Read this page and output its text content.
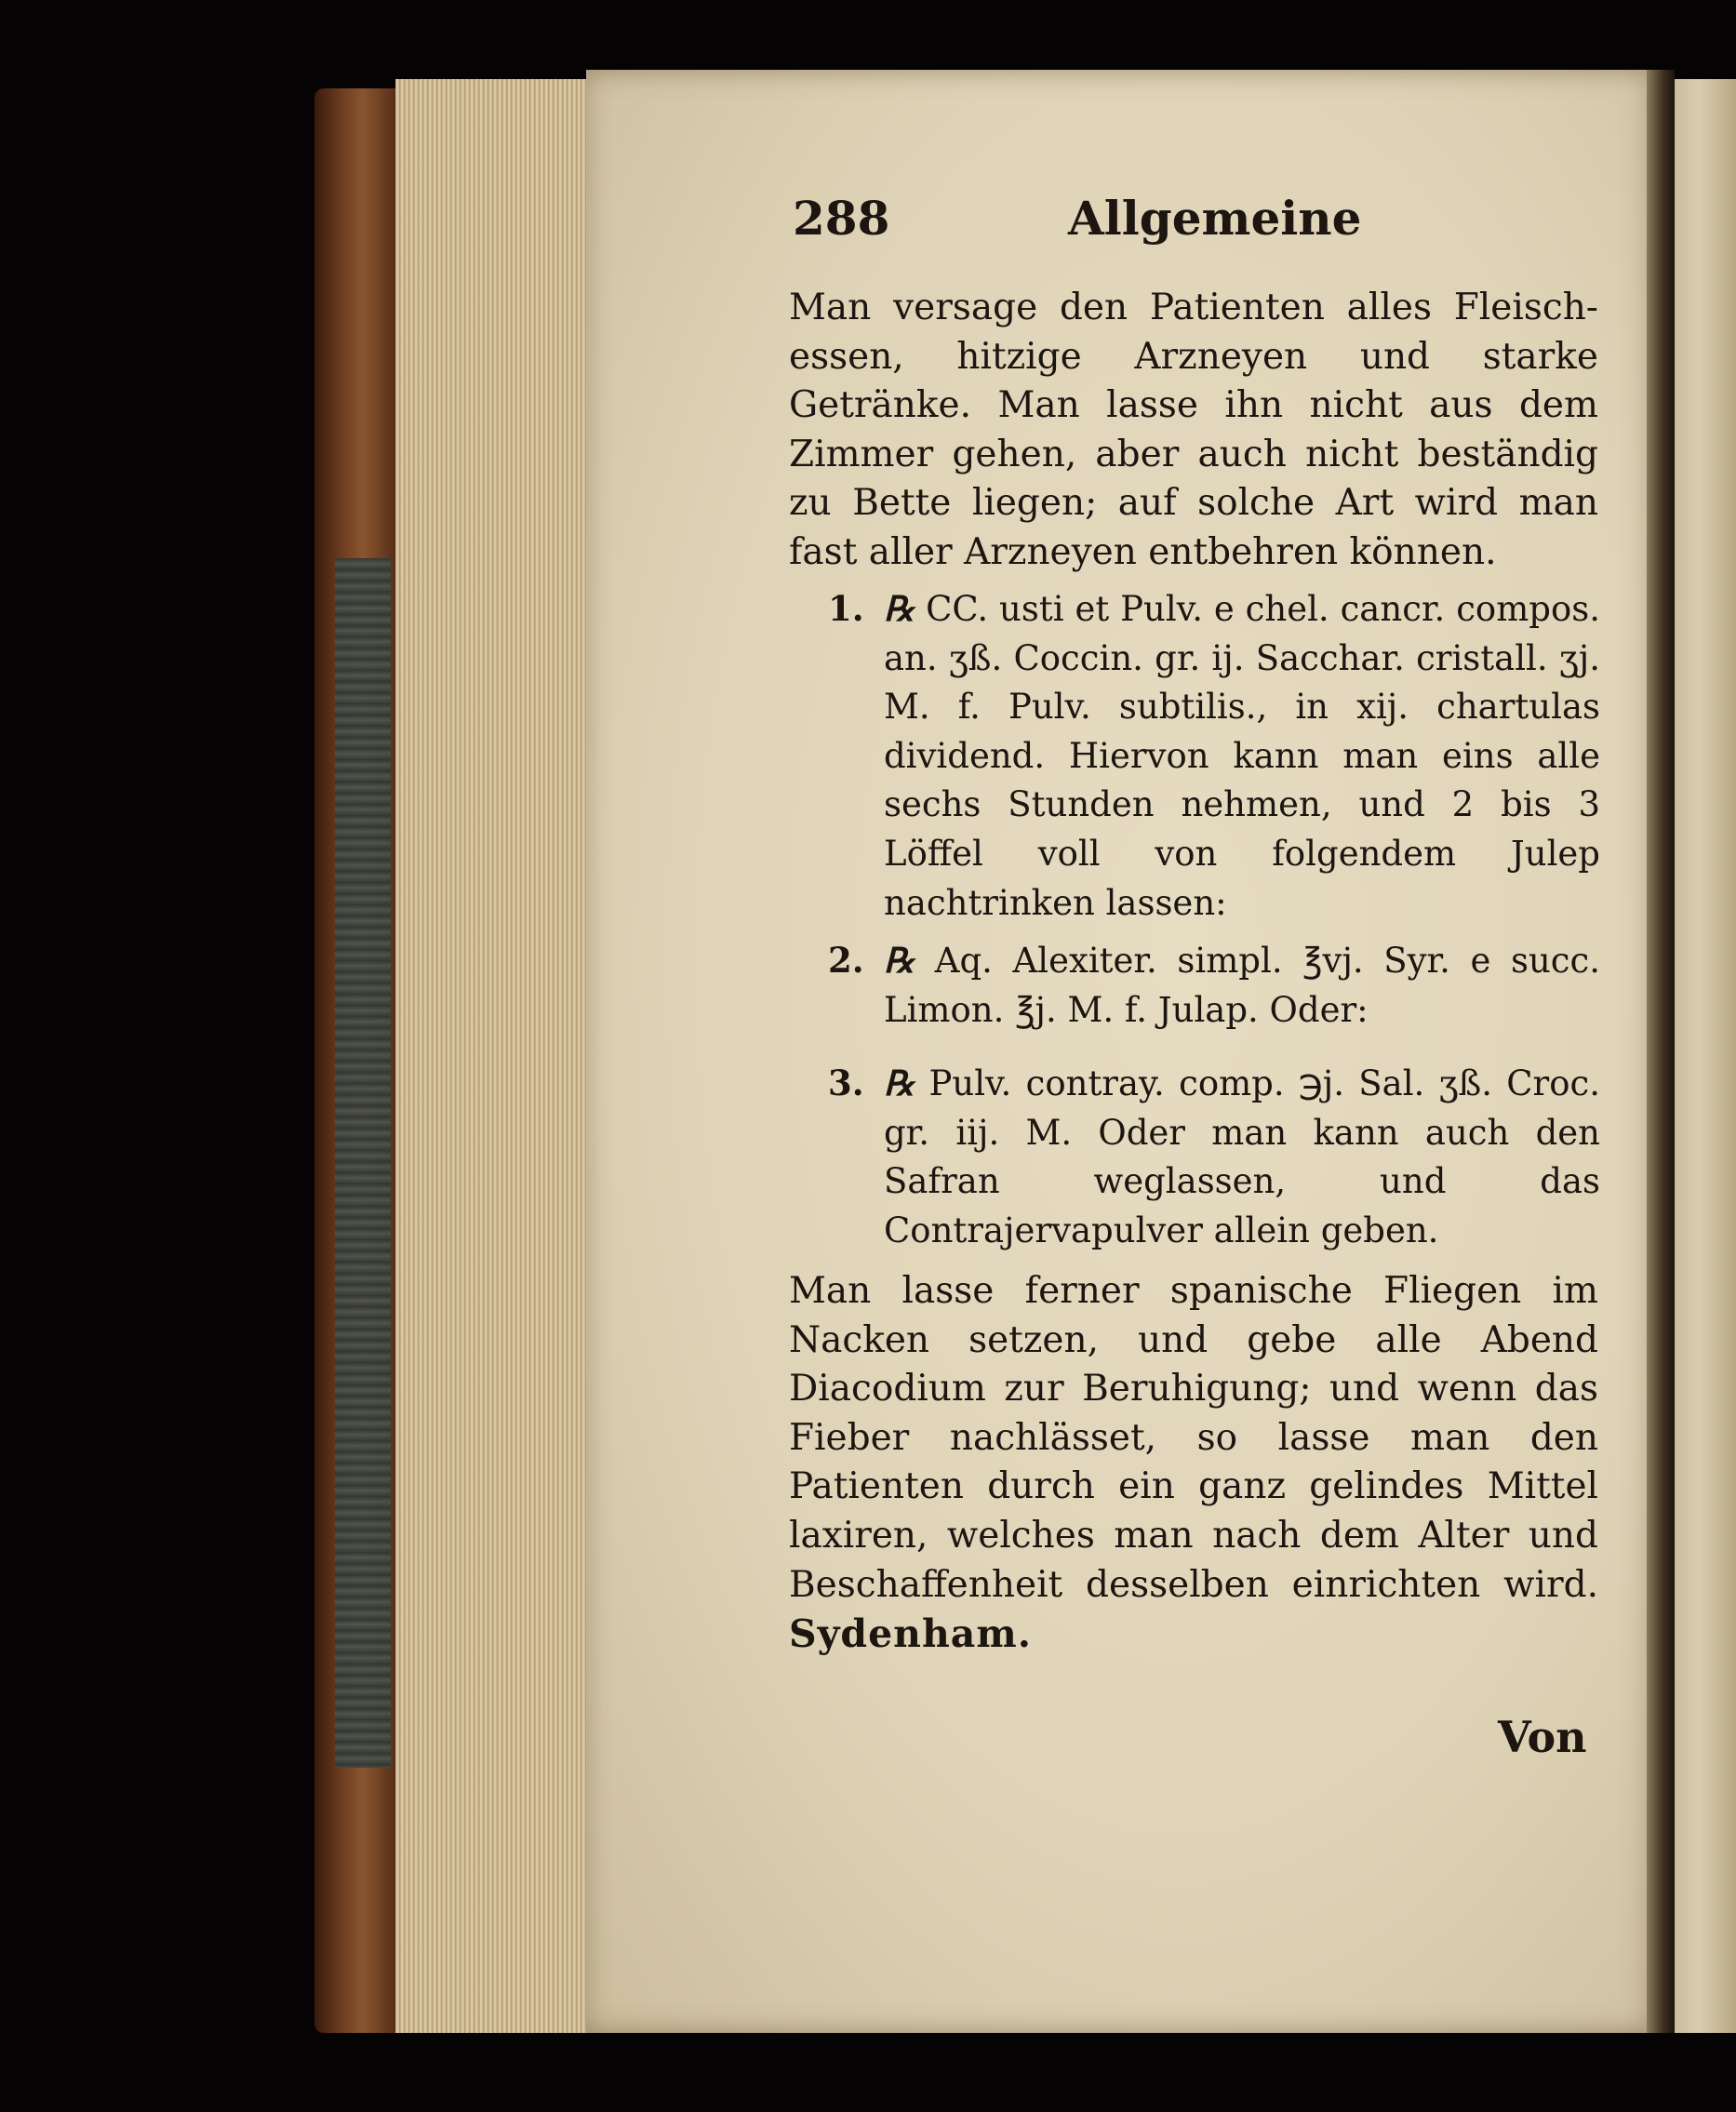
288	Allgemeine
Man versage den Patienten alles Fleisch-essen, hitzige Arzneyen und starke Getränke. Man lasse ihn nicht aus dem Zimmer gehen, aber auch nicht beständig zu Bette liegen; auf solche Art wird man fast aller Arzneyen entbehren können.
1. ℞ CC. usti et Pulv. e chel. cancr. compos. an. ʒß. Coccin. gr. ij. Sacchar. cristall. ʒj. M. f. Pulv. subtilis., in xij. chartulas dividend. Hiervon kann man eins alle sechs Stunden nehmen, und 2 bis 3 Löffel voll von folgendem Julep nachtrinken lassen:
2. ℞ Aq. Alexiter. simpl. ℥vj. Syr. e succ. Limon. ℥j. M. f. Julap. Oder:
3. ℞ Pulv. contray. comp. ℈j. Sal. ʒß. Croc. gr. iij. M. Oder man kann auch den Safran weglassen, und das Contrajervapulver allein geben.
Man lasse ferner spanische Fliegen im Nacken setzen, und gebe alle Abend Diacodium zur Beruhigung; und wenn das Fieber nachlässet, so lasse man den Patienten durch ein ganz gelindes Mittel laxiren, welches man nach dem Alter und Beschaffenheit desselben einrichten wird. Sydenham.
Von
